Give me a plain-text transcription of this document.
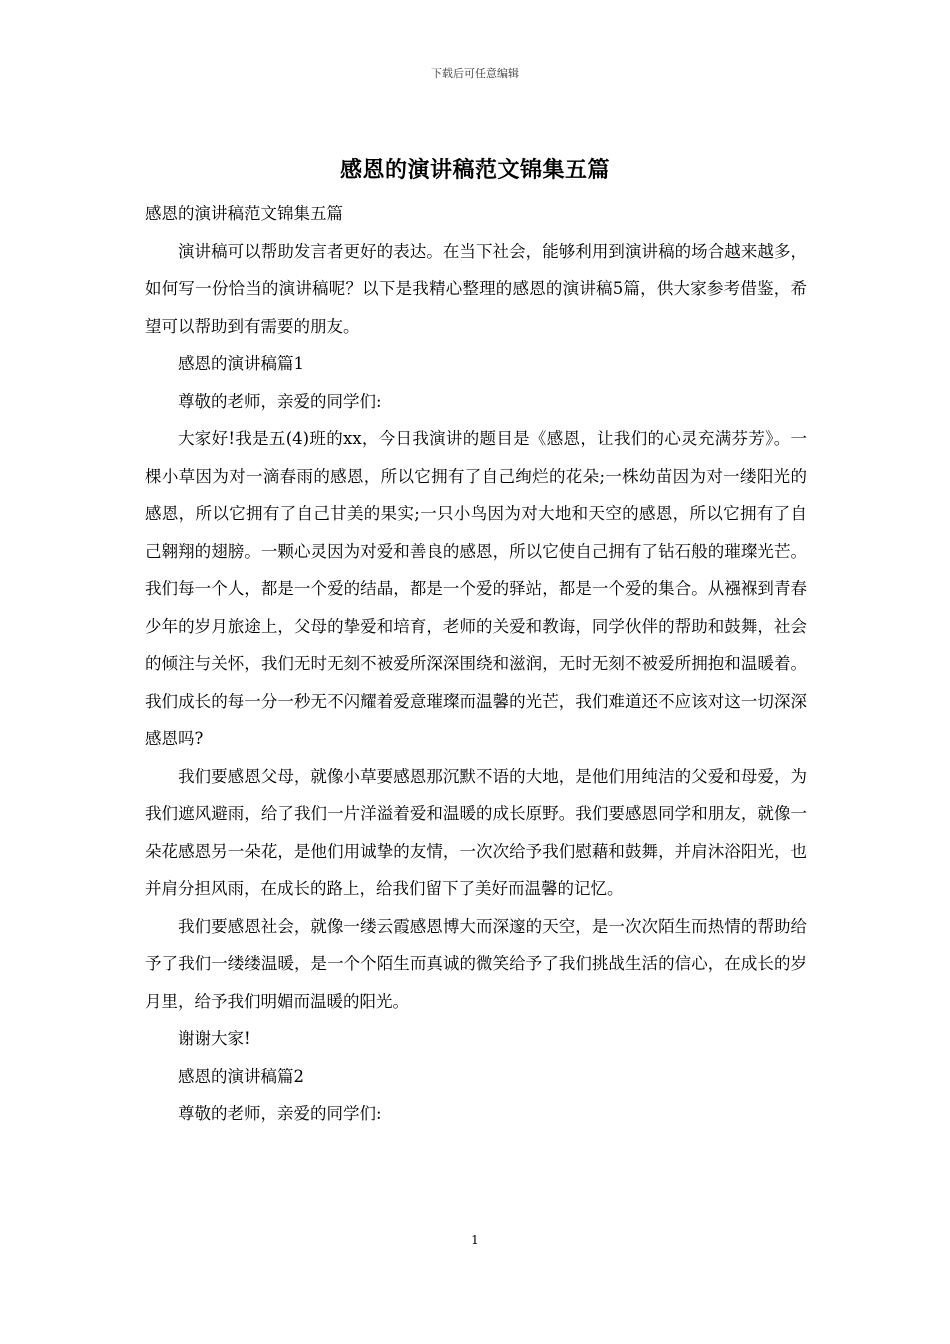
下载后可任意编辑
感恩的演讲稿范文锦集五篇

感恩的演讲稿范文锦集五篇

演讲稿可以帮助发言者更好的表达。在当下社会，能够利用到演讲稿的场合越来越多，如何写一份恰当的演讲稿呢？以下是我精心整理的感恩的演讲稿5篇，供大家参考借鉴，希望可以帮助到有需要的朋友。

感恩的演讲稿篇1

尊敬的老师，亲爱的同学们:

大家好!我是五(4)班的xx，今日我演讲的题目是《感恩，让我们的心灵充满芬芳》。一棵小草因为对一滴春雨的感恩，所以它拥有了自己绚烂的花朵;一株幼苗因为对一缕阳光的感恩，所以它拥有了自己甘美的果实;一只小鸟因为对大地和天空的感恩，所以它拥有了自己翱翔的翅膀。一颗心灵因为对爱和善良的感恩，所以它使自己拥有了钻石般的璀璨光芒。我们每一个人，都是一个爱的结晶，都是一个爱的驿站，都是一个爱的集合。从襁褓到青春少年的岁月旅途上，父母的挚爱和培育，老师的关爱和教诲，同学伙伴的帮助和鼓舞，社会的倾注与关怀，我们无时无刻不被爱所深深围绕和滋润，无时无刻不被爱所拥抱和温暖着。我们成长的每一分一秒无不闪耀着爱意璀璨而温馨的光芒，我们难道还不应该对这一切深深感恩吗?

我们要感恩父母，就像小草要感恩那沉默不语的大地，是他们用纯洁的父爱和母爱，为我们遮风避雨，给了我们一片洋溢着爱和温暖的成长原野。我们要感恩同学和朋友，就像一朵花感恩另一朵花，是他们用诚挚的友情，一次次给予我们慰藉和鼓舞，并肩沐浴阳光，也并肩分担风雨，在成长的路上，给我们留下了美好而温馨的记忆。

我们要感恩社会，就像一缕云霞感恩博大而深邃的天空，是一次次陌生而热情的帮助给予了我们一缕缕温暖，是一个个陌生而真诚的微笑给予了我们挑战生活的信心，在成长的岁月里，给予我们明媚而温暖的阳光。

谢谢大家!

感恩的演讲稿篇2

尊敬的老师，亲爱的同学们:

1
